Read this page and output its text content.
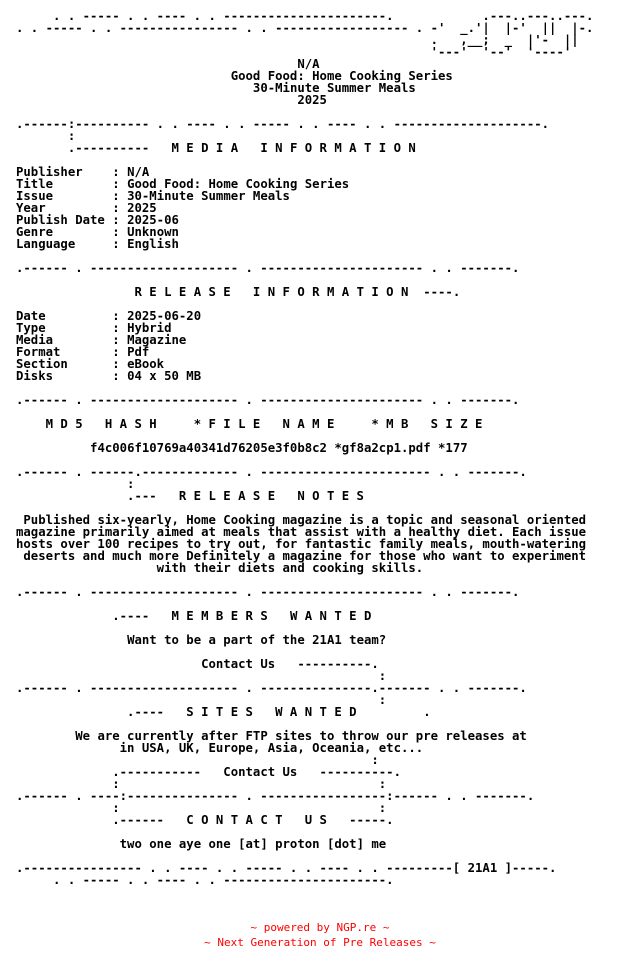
. . ----- . . ---- . . ----------------------.            .---..---..---.
. . ----- . . ---------------- . . ------------------ . -'  _.'|  |-'  ||  |-.
.   ,__;  _  |'-  ||
'---'  '--'  '----'
N/A
Good Food: Home Cooking Series
30-Minute Summer Meals
2025

.------:---------- . . ---- . . ----- . . ---- . . --------------------.
:
.----------   M E D I A   I N F O R M A T I O N

Publisher    : N/A
Title        : Good Food: Home Cooking Series
Issue        : 30-Minute Summer Meals
Year         : 2025
Publish Date : 2025-06
Genre        : Unknown
Language     : English

.------ . -------------------- . ---------------------- . . -------.

R E L E A S E   I N F O R M A T I O N  ----.

Date         : 2025-06-20
Type         : Hybrid
Media        : Magazine
Format       : Pdf
Section      : eBook
Disks        : 04 x 50 MB

.------ . -------------------- . ---------------------- . . -------.

M D 5   H A S H     * F I L E   N A M E     * M B   S I Z E

f4c006f10769a40341d76205e3f0b8c2 *gf8a2cp1.pdf *177

.------ . ------.------------- . ----------------------- . . -------.
:
.---   R E L E A S E   N O T E S

Published six-yearly, Home Cooking magazine is a topic and seasonal oriented
magazine primarily aimed at meals that assist with a healthy diet. Each issue
hosts over 100 recipes to try out, for fantastic family meals, mouth-watering
deserts and much more Definitely a magazine for those who want to experiment
with their diets and cooking skills.

.------ . -------------------- . ---------------------- . . -------.

.----   M E M B E R S   W A N T E D

Want to be a part of the 21A1 team?

Contact Us   ----------.
:
.------ . -------------------- . ---------------.------- . . -------.
:
.----   S I T E S   W A N T E D	.

We are currently after FTP sites to throw our pre releases at
in USA, UK, Europe, Asia, Oceania, etc...
:
.-----------   Contact Us   ----------.
:                                   :
.------ . ----:--------------- . -----------------:------ . . -------.
:	:
.------   C O N T A C T   U S   -----.

two one aye one [at] proton [dot] me

.---------------- . . ---- . . ----- . . ---- . . ---------[ 21A1 ]-----.
. . ----- . . ---- . . ----------------------.
~ powered by NGP.re ~
~ Next Generation of Pre Releases ~
